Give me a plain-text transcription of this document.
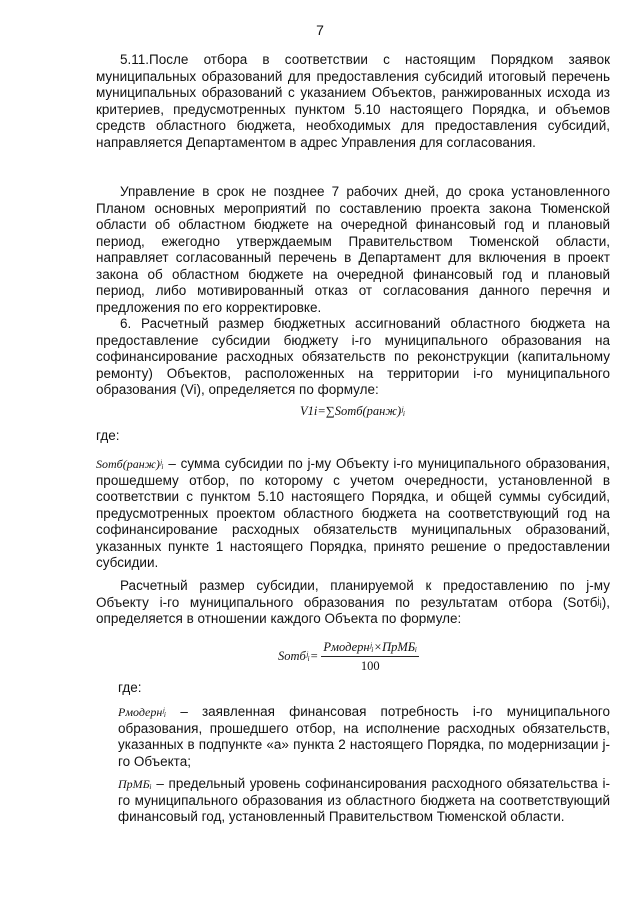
7

5.11.После отбора в соответствии с настоящим Порядком заявок муниципальных образований для предоставления субсидий итоговый перечень муниципальных образований с указанием Объектов, ранжированных исхода из критериев, предусмотренных пунктом 5.10 настоящего Порядка, и объемов средств областного бюджета, необходимых для предоставления субсидий, направляется Департаментом в адрес Управления для согласования.

Управление в срок не позднее 7 рабочих дней, до срока установленного Планом основных мероприятий по составлению проекта закона Тюменской области об областном бюджете на очередной финансовый год и плановый период, ежегодно утверждаемым Правительством Тюменской области, направляет согласованный перечень в Департамент для включения в проект закона об областном бюджете на очередной финансовый год и плановый период, либо мотивированный отказ от согласования данного перечня и предложения по его корректировке.

6. Расчетный размер бюджетных ассигнований областного бюджета на предоставление субсидии бюджету i-го муниципального образования на софинансирование расходных обязательств по реконструкции (капитальному ремонту) Объектов, расположенных на территории i-го муниципального образования (Vi), определяется по формуле:

V1i=∑Sотб(ранж)ʲᵢ
где:

Sотб(ранж)ʲᵢ – сумма субсидии по j-му Объекту i-го муниципального образования, прошедшему отбор, по которому с учетом очередности, установленной в соответствии с пунктом 5.10 настоящего Порядка, и общей суммы субсидий, предусмотренных проектом областного бюджета на соответствующий год на софинансирование расходных обязательств муниципальных образований, указанных пункте 1 настоящего Порядка, принято решение о предоставлении субсидии.

Расчетный размер субсидии, планируемой к предоставлению по j-му Объекту i-го муниципального образования по результатам отбора (Sотбʲᵢ), определяется в отношении каждого Объекта по формуле:

Sотбʲᵢ= $\frac{\text{Pмодернʲᵢ×ПрМБᵢ}}{100}$
где:

Pмодернʲᵢ – заявленная финансовая потребность i-го муниципального образования, прошедшего отбор, на исполнение расходных обязательств, указанных в подпункте «а» пункта 2 настоящего Порядка, по модернизации j-го Объекта;

ПрМБᵢ – предельный уровень софинансирования расходного обязательства i-го муниципального образования из областного бюджета на соответствующий финансовый год, установленный Правительством Тюменской области.
